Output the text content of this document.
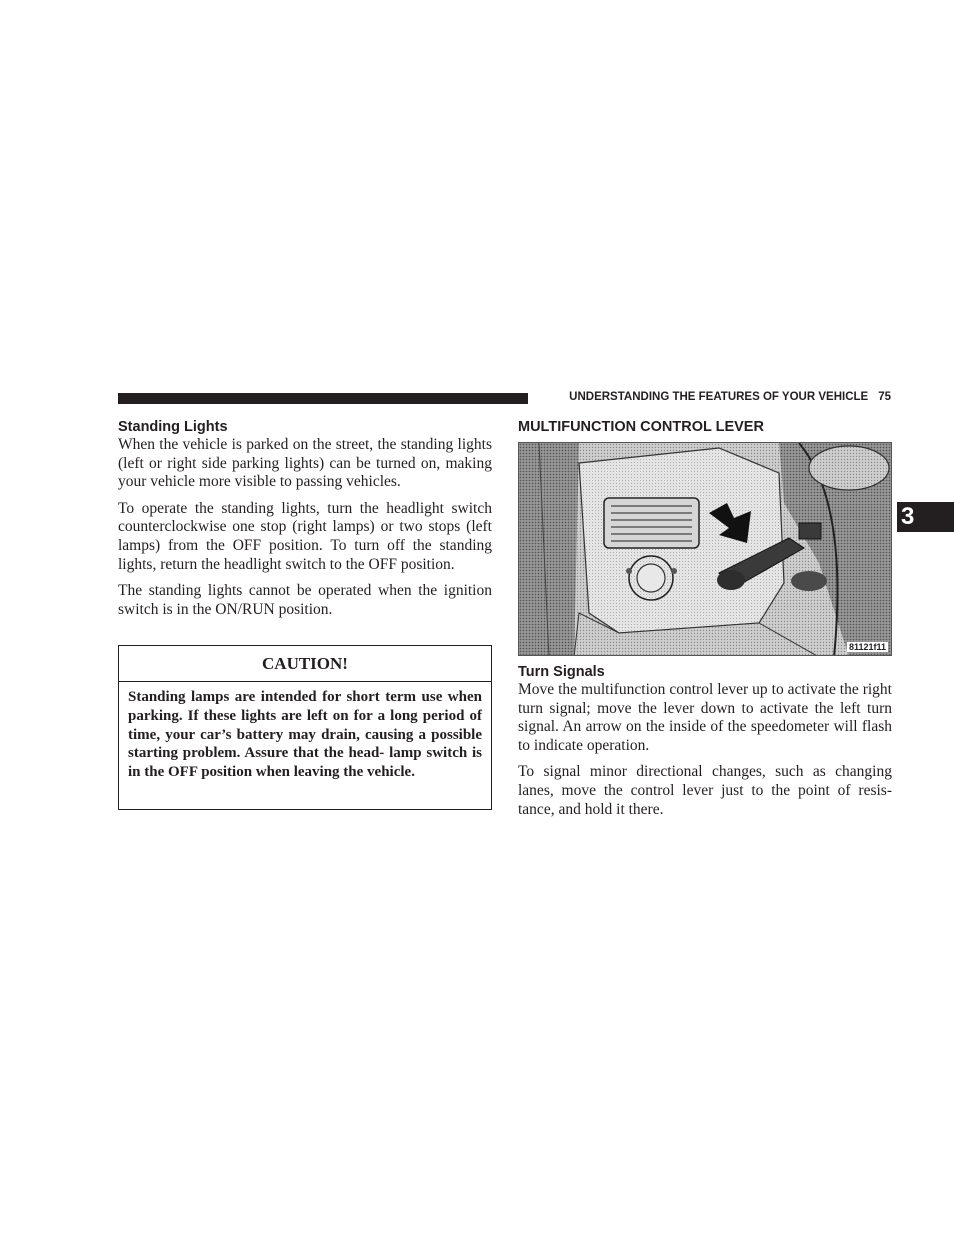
UNDERSTANDING THE FEATURES OF YOUR VEHICLE 75
3
Standing Lights

When the vehicle is parked on the street, the standing lights (left or right side parking lights) can be turned on, making your vehicle more visible to passing vehicles.

To operate the standing lights, turn the headlight switch counterclockwise one stop (right lamps) or two stops (left lamps) from the OFF position. To turn off the standing lights, return the headlight switch to the OFF position.

The standing lights cannot be operated when the ignition switch is in the ON/RUN position.

CAUTION!
Standing lamps are intended for short term use when parking. If these lights are left on for a long period of time, your car’s battery may drain, causing a possible starting problem. Assure that the head- lamp switch is in the OFF position when leaving the vehicle.
MULTIFUNCTION CONTROL LEVER
81121f11
Turn Signals

Move the multifunction control lever up to activate the right turn signal; move the lever down to activate the left turn signal. An arrow on the inside of the speedometer will flash to indicate operation.

To signal minor directional changes, such as changing lanes, move the control lever just to the point of resis- tance, and hold it there.
